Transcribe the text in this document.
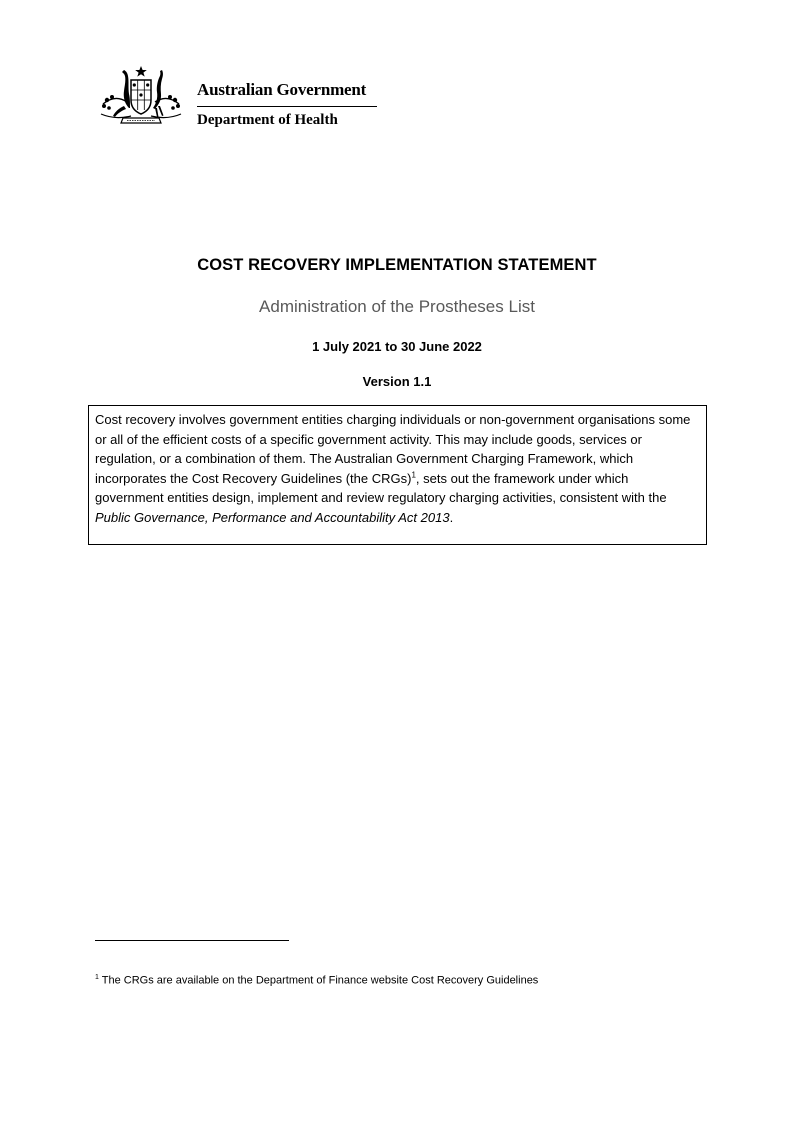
Australian Government
Department of Health
COST RECOVERY IMPLEMENTATION STATEMENT
Administration of the Prostheses List
1 July 2021 to 30 June 2022
Version 1.1

Cost recovery involves government entities charging individuals or non-government organisations some or all of the efficient costs of a specific government activity. This may include goods, services or regulation, or a combination of them. The Australian Government Charging Framework, which incorporates the Cost Recovery Guidelines (the CRGs)$^1$, sets out the framework under which government entities design, implement and review regulatory charging activities, consistent with the Public Governance, Performance and Accountability Act 2013.

$^1$ The CRGs are available on the Department of Finance website Cost Recovery Guidelines
